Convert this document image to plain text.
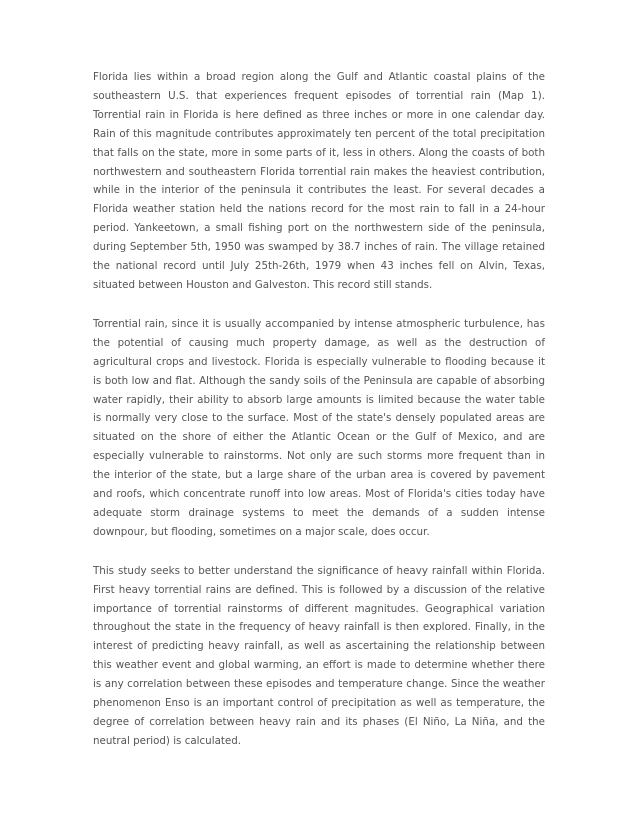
Florida lies within a broad region along the Gulf and Atlantic coastal plains of the southeastern U.S. that experiences frequent episodes of torrential rain (Map 1). Torrential rain in Florida is here defined as three inches or more in one calendar day. Rain of this magnitude contributes approximately ten percent of the total precipitation that falls on the state, more in some parts of it, less in others. Along the coasts of both northwestern and southeastern Florida torrential rain makes the heaviest contribution, while in the interior of the peninsula it contributes the least. For several decades a Florida weather station held the nations record for the most rain to fall in a 24-hour period. Yankeetown, a small fishing port on the northwestern side of the peninsula, during September 5th, 1950 was swamped by 38.7 inches of rain. The village retained the national record until July 25th-26th, 1979 when 43 inches fell on Alvin, Texas, situated between Houston and Galveston. This record still stands.

Torrential rain, since it is usually accompanied by intense atmospheric turbulence, has the potential of causing much property damage, as well as the destruction of agricultural crops and livestock. Florida is especially vulnerable to flooding because it is both low and flat. Although the sandy soils of the Peninsula are capable of absorbing water rapidly, their ability to absorb large amounts is limited because the water table is normally very close to the surface. Most of the state's densely populated areas are situated on the shore of either the Atlantic Ocean or the Gulf of Mexico, and are especially vulnerable to rainstorms. Not only are such storms more frequent than in the interior of the state, but a large share of the urban area is covered by pavement and roofs, which concentrate runoff into low areas. Most of Florida's cities today have adequate storm drainage systems to meet the demands of a sudden intense downpour, but flooding, sometimes on a major scale, does occur.

This study seeks to better understand the significance of heavy rainfall within Florida. First heavy torrential rains are defined. This is followed by a discussion of the relative importance of torrential rainstorms of different magnitudes. Geographical variation throughout the state in the frequency of heavy rainfall is then explored. Finally, in the interest of predicting heavy rainfall, as well as ascertaining the relationship between this weather event and global warming, an effort is made to determine whether there is any correlation between these episodes and temperature change. Since the weather phenomenon Enso is an important control of precipitation as well as temperature, the degree of correlation between heavy rain and its phases (El Niño, La Niña, and the neutral period) is calculated.
